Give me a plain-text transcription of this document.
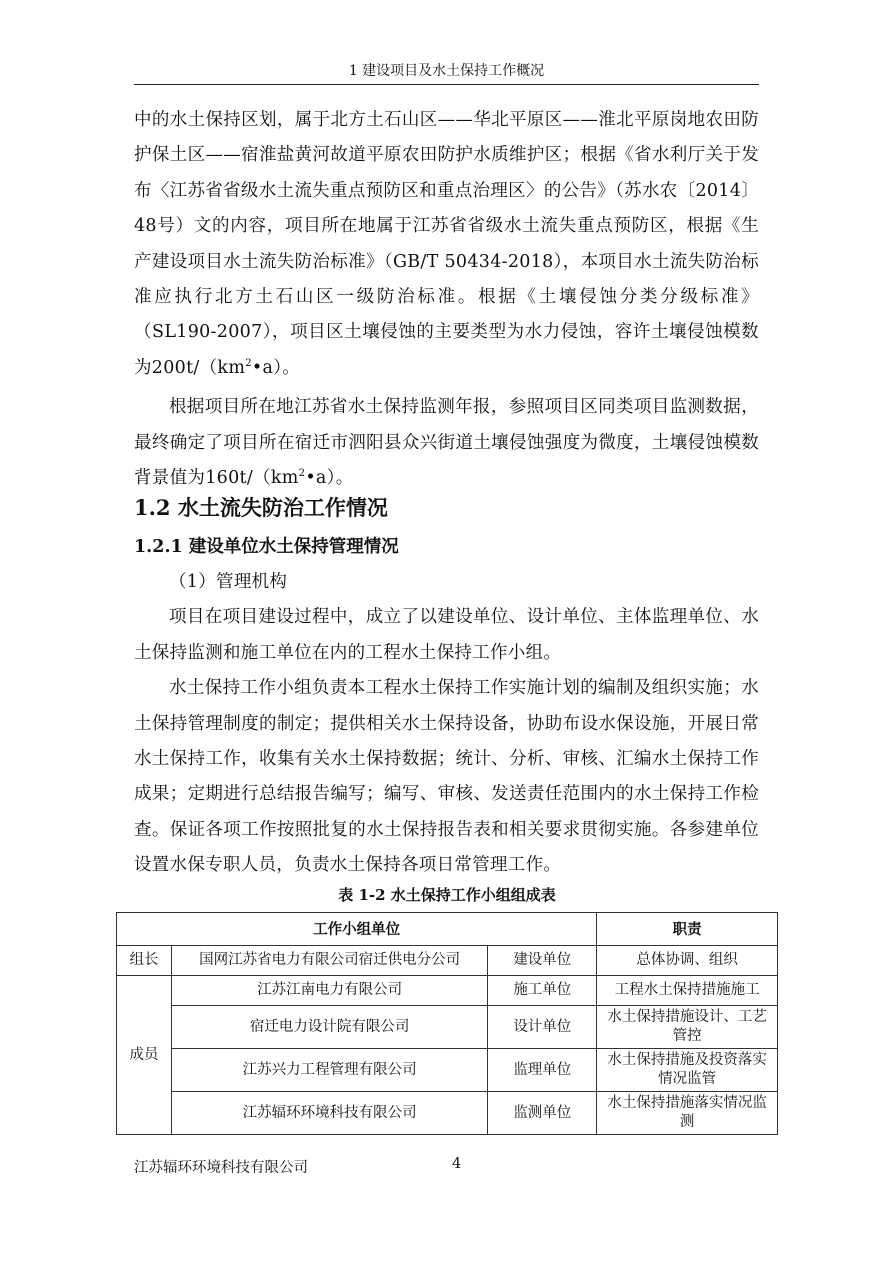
1 建设项目及水土保持工作概况

中的水土保持区划，属于北方土石山区——华北平原区——淮北平原岗地农田防护保土区——宿淮盐黄河故道平原农田防护水质维护区；根据《省水利厅关于发布〈江苏省省级水土流失重点预防区和重点治理区〉的公告》（苏水农〔2014〕48号）文的内容，项目所在地属于江苏省省级水土流失重点预防区，根据《生产建设项目水土流失防治标准》（GB/T 50434-2018），本项目水土流失防治标准应执行北方土石山区一级防治标准。根据《土壤侵蚀分类分级标准》（SL190-2007），项目区土壤侵蚀的主要类型为水力侵蚀，容许土壤侵蚀模数为$200t/(km^2•a)$。

根据项目所在地江苏省水土保持监测年报，参照项目区同类项目监测数据，最终确定了项目所在宿迁市泗阳县众兴街道土壤侵蚀强度为微度，土壤侵蚀模数背景值为$160t/(km^2•a)$。

1.2 水土流失防治工作情况
1.2.1 建设单位水土保持管理情况

（1）管理机构

项目在项目建设过程中，成立了以建设单位、设计单位、主体监理单位、水土保持监测和施工单位在内的工程水土保持工作小组。

水土保持工作小组负责本工程水土保持工作实施计划的编制及组织实施；水土保持管理制度的制定；提供相关水土保持设备，协助布设水保设施，开展日常水土保持工作，收集有关水土保持数据；统计、分析、审核、汇编水土保持工作成果；定期进行总结报告编写；编写、审核、发送责任范围内的水土保持工作检查。保证各项工作按照批复的水土保持报告表和相关要求贯彻实施。各参建单位设置水保专职人员，负责水土保持各项日常管理工作。

表 1-2 水土保持工作小组组成表
工作小组单位			职责
组长	国网江苏省电力有限公司宿迁供电分公司	建设单位	总体协调、组织
成员	江苏江南电力有限公司	施工单位	工程水土保持措施施工
	宿迁电力设计院有限公司	设计单位	水土保持措施设计、工艺管控
	江苏兴力工程管理有限公司	监理单位	水土保持措施及投资落实情况监管
	江苏辐环环境科技有限公司	监测单位	水土保持措施落实情况监测
江苏辐环环境科技有限公司	4
